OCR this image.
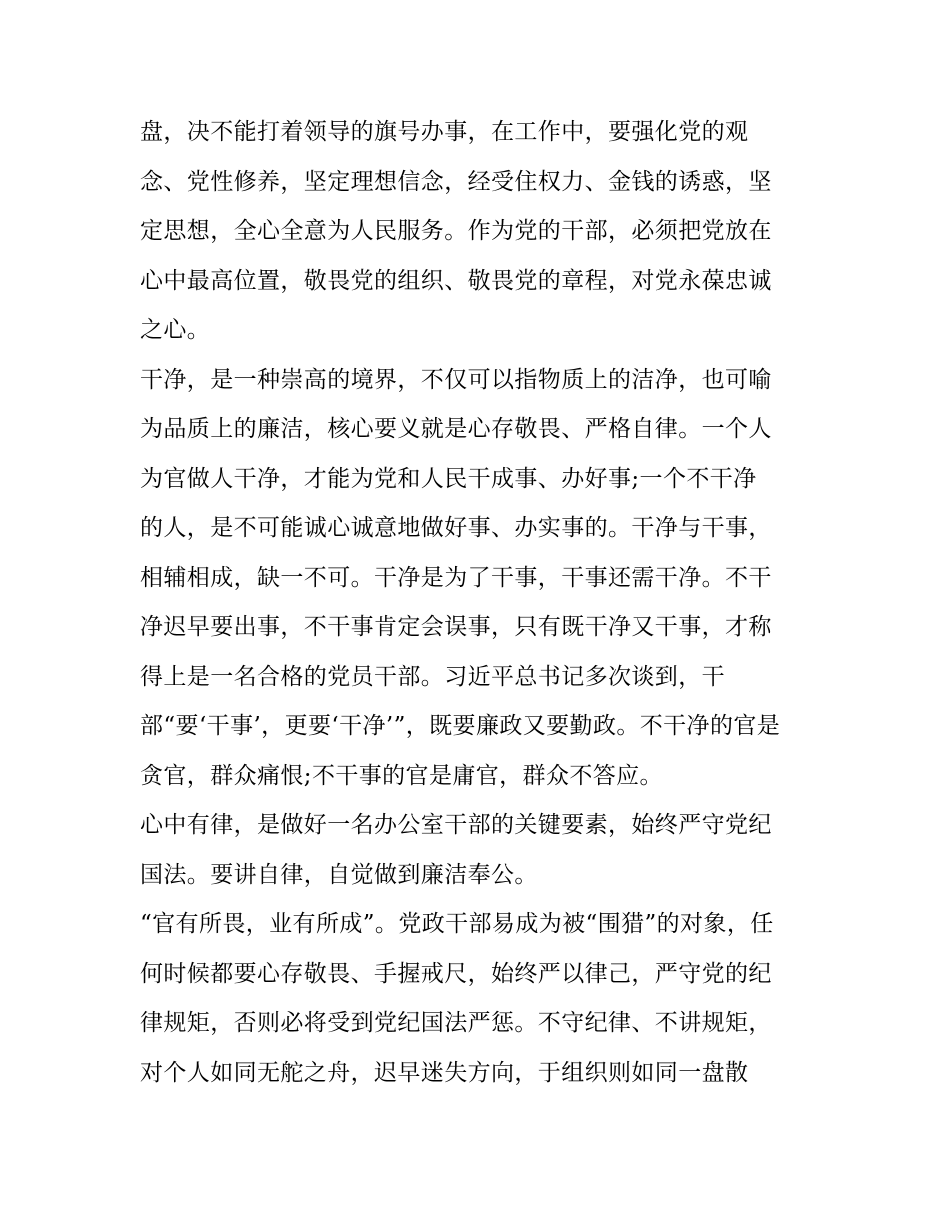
盘，决不能打着领导的旗号办事，在工作中，要强化党的观
念、党性修养，坚定理想信念，经受住权力、金钱的诱惑，坚
定思想，全心全意为人民服务。作为党的干部，必须把党放在
心中最高位置，敬畏党的组织、敬畏党的章程，对党永葆忠诚
之心。
干净，是一种崇高的境界，不仅可以指物质上的洁净，也可喻
为品质上的廉洁，核心要义就是心存敬畏、严格自律。一个人
为官做人干净，才能为党和人民干成事、办好事;一个不干净
的人，是不可能诚心诚意地做好事、办实事的。干净与干事，
相辅相成，缺一不可。干净是为了干事，干事还需干净。不干
净迟早要出事，不干事肯定会误事，只有既干净又干事，才称
得上是一名合格的党员干部。习近平总书记多次谈到，干
部“要‘干事’，更要‘干净’”，既要廉政又要勤政。不干净的官是
贪官，群众痛恨;不干事的官是庸官，群众不答应。
心中有律，是做好一名办公室干部的关键要素，始终严守党纪
国法。要讲自律，自觉做到廉洁奉公。
“官有所畏，业有所成”。党政干部易成为被“围猎”的对象，任
何时候都要心存敬畏、手握戒尺，始终严以律己，严守党的纪
律规矩，否则必将受到党纪国法严惩。不守纪律、不讲规矩，
对个人如同无舵之舟，迟早迷失方向，于组织则如同一盘散
